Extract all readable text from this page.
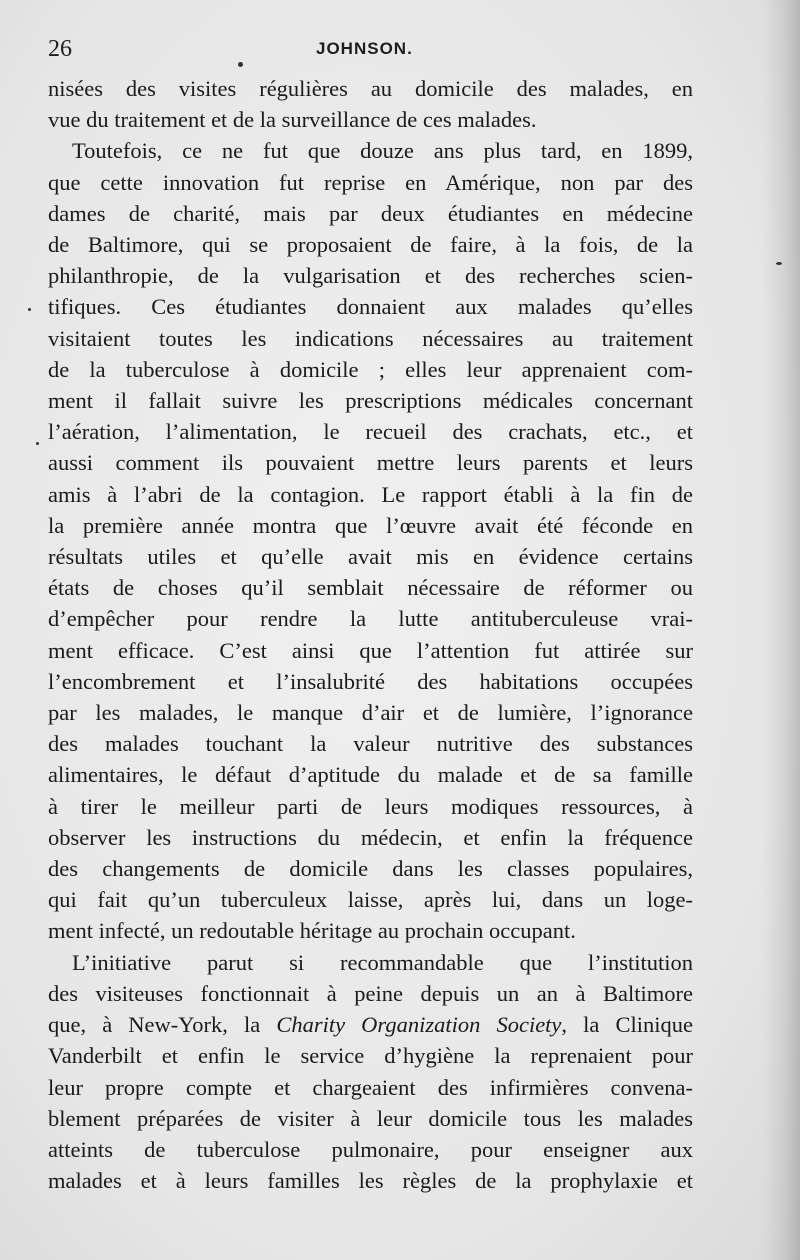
26	JOHNSON.
nisées des visites régulières au domicile des malades, en
vue du traitement et de la surveillance de ces malades.
Toutefois, ce ne fut que douze ans plus tard, en 1899,
que cette innovation fut reprise en Amérique, non par des
dames de charité, mais par deux étudiantes en médecine
de Baltimore, qui se proposaient de faire, à la fois, de la
philanthropie, de la vulgarisation et des recherches scien-
tifiques. Ces étudiantes donnaient aux malades qu’elles
visitaient toutes les indications nécessaires au traitement
de la tuberculose à domicile ; elles leur apprenaient com-
ment il fallait suivre les prescriptions médicales concernant
l’aération, l’alimentation, le recueil des crachats, etc., et
aussi comment ils pouvaient mettre leurs parents et leurs
amis à l’abri de la contagion. Le rapport établi à la fin de
la première année montra que l’œuvre avait été féconde en
résultats utiles et qu’elle avait mis en évidence certains
états de choses qu’il semblait nécessaire de réformer ou
d’empêcher pour rendre la lutte antituberculeuse vrai-
ment efficace. C’est ainsi que l’attention fut attirée sur
l’encombrement et l’insalubrité des habitations occupées
par les malades, le manque d’air et de lumière, l’ignorance
des malades touchant la valeur nutritive des substances
alimentaires, le défaut d’aptitude du malade et de sa famille
à tirer le meilleur parti de leurs modiques ressources, à
observer les instructions du médecin, et enfin la fréquence
des changements de domicile dans les classes populaires,
qui fait qu’un tuberculeux laisse, après lui, dans un loge-
ment infecté, un redoutable héritage au prochain occupant.
L’initiative parut si recommandable que l’institution
des visiteuses fonctionnait à peine depuis un an à Baltimore
que, à New-York, la Charity Organization Society, la Clinique
Vanderbilt et enfin le service d’hygiène la reprenaient pour
leur propre compte et chargeaient des infirmières convena-
blement préparées de visiter à leur domicile tous les malades
atteints de tuberculose pulmonaire, pour enseigner aux
malades et à leurs familles les règles de la prophylaxie et
